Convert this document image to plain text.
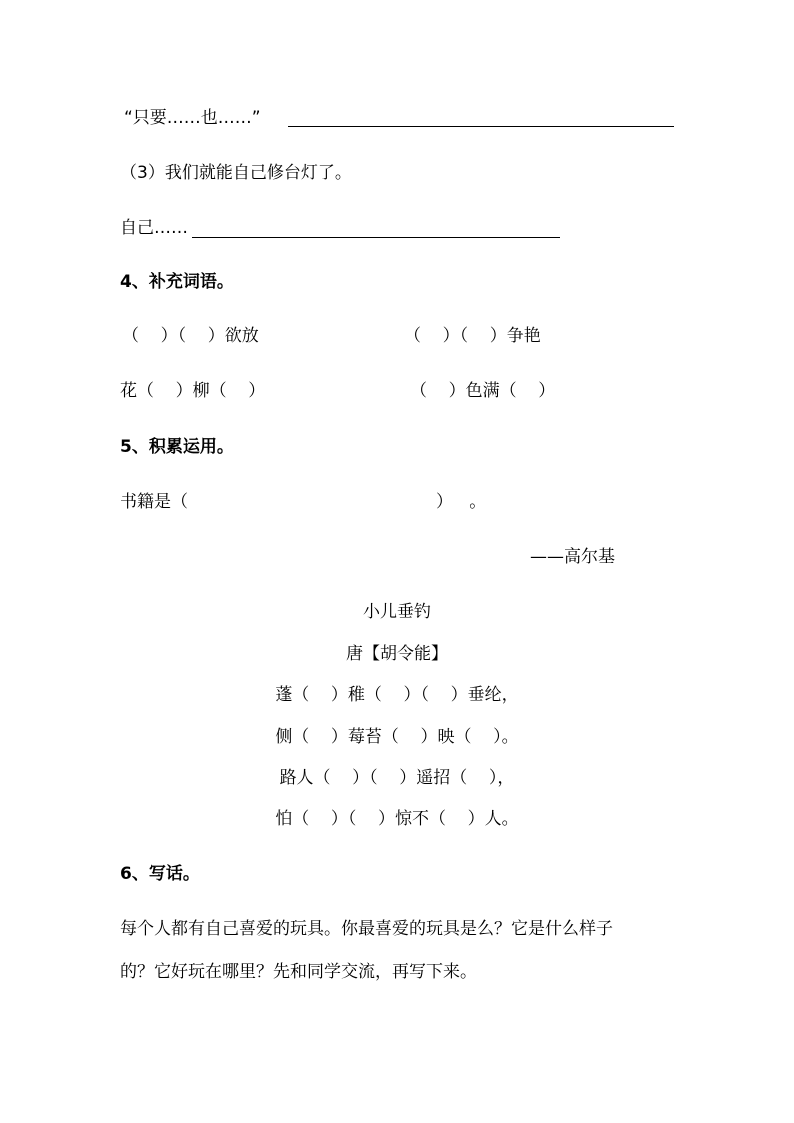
“只要……也……”
（3）我们就能自己修台灯了。
自己……
4、补充词语。
（    ）（    ）欲放	（    ）（    ）争艳
花（    ）柳（    ）	（    ）色满（    ）
5、积累运用。
书籍是（	）   。
——高尔基
小儿垂钓
唐【胡令能】
蓬（    ）稚（    ）（    ）垂纶，
侧（    ）莓苔（    ）映（    ）。
路人（    ）（    ）遥招（    ），
怕（    ）（    ）惊不（    ）人。
6、写话。
每个人都有自己喜爱的玩具。你最喜爱的玩具是么？它是什么样子
的？它好玩在哪里？先和同学交流，再写下来。
